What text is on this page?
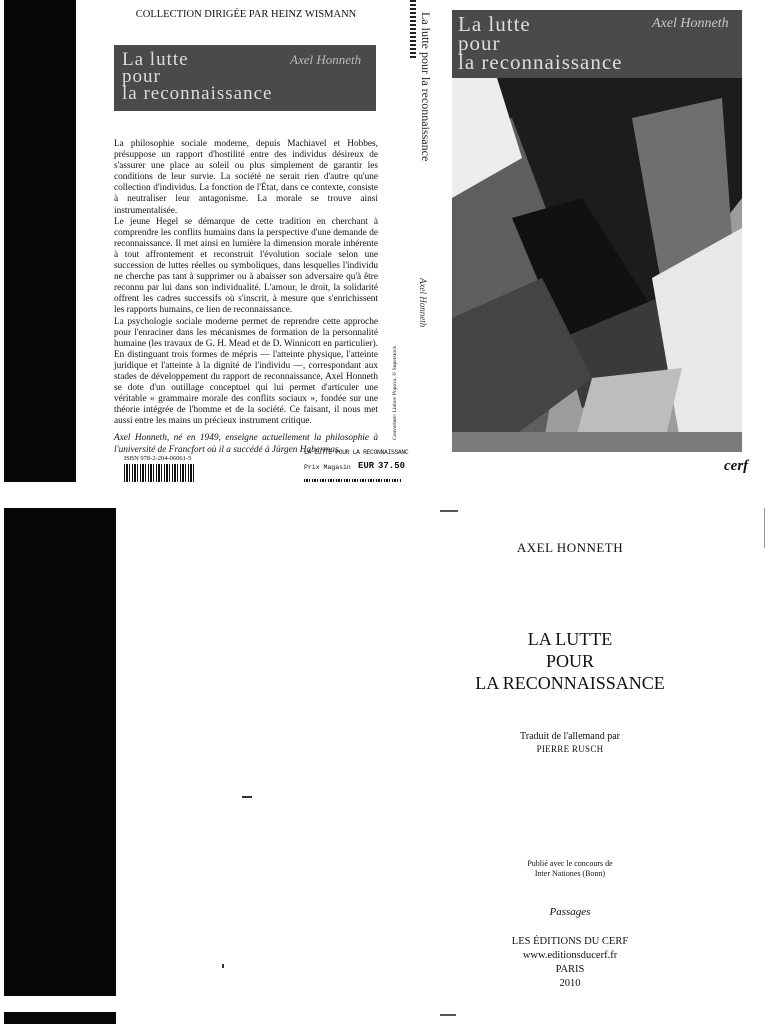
COLLECTION DIRIGÉE PAR HEINZ WISMANN
Axel Honneth
La lutte
pour
la reconnaissance

La philosophie sociale moderne, depuis Machiavel et Hobbes, présuppose un rapport d'hostilité entre des individus désireux de s'assurer une place au soleil ou plus simplement de garantir les conditions de leur survie. La société ne serait rien d'autre qu'une collection d'individus. La fonction de l'État, dans ce contexte, consiste à neutraliser leur antagonisme. La morale se trouve ainsi instrumentalisée.

Le jeune Hegel se démarque de cette tradition en cherchant à comprendre les conflits humains dans la perspective d'une demande de reconnaissance. Il met ainsi en lumière la dimension morale inhérente à tout affrontement et reconstruit l'évolution sociale selon une succession de luttes réelles ou symboliques, dans lesquelles l'individu ne cherche pas tant à supprimer ou à abaisser son adversaire qu'à être reconnu par lui dans son individualité. L'amour, le droit, la solidarité offrent les cadres successifs où s'inscrit, à mesure que s'enrichissent les rapports humains, ce lien de reconnaissance.

La psychologie sociale moderne permet de reprendre cette approche pour l'enraciner dans les mécanismes de formation de la personnalité humaine (les travaux de G. H. Mead et de D. Winnicott en particulier). En distinguant trois formes de mépris — l'atteinte physique, l'atteinte juridique et l'atteinte à la dignité de l'individu —, correspondant aux stades de développement du rapport de reconnaissance, Axel Honneth se dote d'un outillage conceptuel qui lui permet d'articuler une véritable « grammaire morale des conflits sociaux », fondée sur une théorie intégrée de l'homme et de la société. Ce faisant, il nous met aussi entre les mains un précieux instrument critique.

Axel Honneth, né en 1949, enseigne actuellement la philosophie à l'université de Francfort où il a succédé à Jürgen Habermas.

ISBN 978-2-204-06061-5
LA LUTTE POUR LA RECONNAISSANC
Prix Magasin EUR 37.50
Couverture: Liubov Popova, © Superstock
La lutte pour la reconnaissance
Axel Honneth
Axel Honneth
La lutte
pour
la reconnaissance
cerf
AXEL HONNETH
LA LUTTE
POUR
LA RECONNAISSANCE
Traduit de l'allemand par
PIERRE RUSCH
Publié avec le concours de
Inter Nationes (Bonn)
Passages
LES ÉDITIONS DU CERF
www.editionsducerf.fr
PARIS
2010
